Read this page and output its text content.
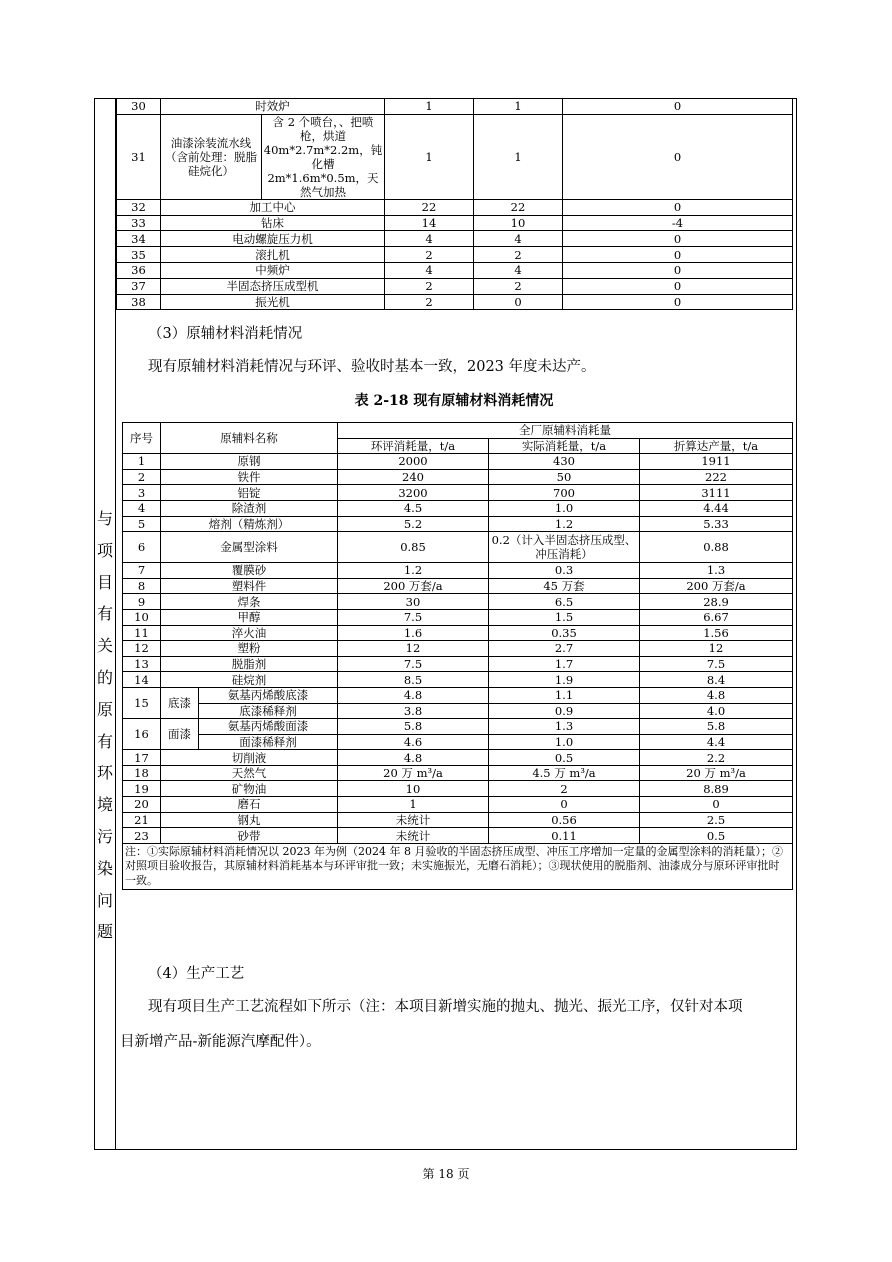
与
项
目
有
关
的
原
有
环
境
污
染
问
题
30	时效炉		1	1	0
31	油漆涂装流水线（含前处理：脱脂硅烷化）	含 2 个喷台，、把喷枪，烘道 40m*2.7m*2.2m，钝化槽 2m*1.6m*0.5m，天然气加热	1	1	0
32	加工中心		22	22	0
33	钻床		14	10	-4
34	电动螺旋压力机		4	4	0
35	滚扎机		2	2	0
36	中频炉		4	4	0
37	半固态挤压成型机		2	2	0
38	振光机		2	0	0
（3）原辅材料消耗情况
现有原辅材料消耗情况与环评、验收时基本一致，2023 年度未达产。
表 2-18 现有原辅材料消耗情况
序号	原辅料名称		全厂原辅料消耗量		
			环评消耗量，t/a	实际消耗量，t/a	折算达产量，t/a
1	原钢		2000	430	1911
2	铁件		240	50	222
3	铝锭		3200	700	3111
4	除渣剂		4.5	1.0	4.44
5	熔剂（精炼剂）		5.2	1.2	5.33
6	金属型涂料		0.85	0.2（计入半固态挤压成型、冲压消耗）	0.88
7	覆膜砂		1.2	0.3	1.3
8	塑料件		200 万套/a	45 万套	200 万套/a
9	焊条		30	6.5	28.9
10	甲醇		7.5	1.5	6.67
11	淬火油		1.6	0.35	1.56
12	塑粉		12	2.7	12
13	脱脂剂		7.5	1.7	7.5
14	硅烷剂		8.5	1.9	8.4
15	底漆	氨基丙烯酸底漆	4.8	1.1	4.8
		底漆稀释剂	3.8	0.9	4.0
16	面漆	氨基丙烯酸面漆	5.8	1.3	5.8
		面漆稀释剂	4.6	1.0	4.4
17	切削液		4.8	0.5	2.2
18	天然气		20 万 m³/a	4.5 万 m³/a	20 万 m³/a
19	矿物油		10	2	8.89
20	磨石		1	0	0
21	钢丸		未统计	0.56	2.5
23	砂带		未统计	0.11	0.5
注：①实际原辅材料消耗情况以 2023 年为例（2024 年 8 月验收的半固态挤压成型、冲压工序增加一定量的金属型涂料的消耗量）；②对照项目验收报告，其原辅材料消耗基本与环评审批一致；未实施振光，无磨石消耗）；③现状使用的脱脂剂、油漆成分与原环评审批时一致。					
（4）生产工艺
现有项目生产工艺流程如下所示（注：本项目新增实施的抛丸、抛光、振光工序，仅针对本项
目新增产品-新能源汽摩配件）。
第 18 页
